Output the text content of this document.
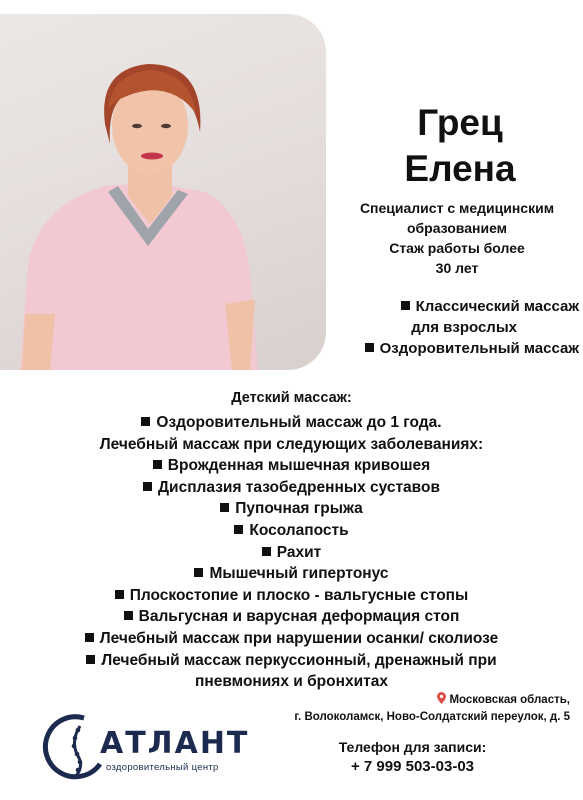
Грец
Елена
Специалист с медицинским
образованием
Стаж работы более
30 лет
Классический массаж
для взрослых
Оздоровительный массаж
Детский массаж:
Оздоровительный массаж до 1 года.
Лечебный массаж при следующих заболеваниях:
Врожденная мышечная кривошея
Дисплазия тазобедренных суставов
Пупочная грыжа
Косолапость
Рахит
Мышечный гипертонус
Плоскостопие и плоско - вальгусные стопы
Вальгусная и варусная деформация стоп
Лечебный массаж при нарушении осанки/ сколиозе
Лечебный массаж перкуссионный, дренажный при
пневмониях и бронхитах
АТЛАНТ
оздоровительный центр
Московская область,
г. Волоколамск, Ново-Солдатский переулок, д. 5
Телефон для записи:
+ 7 999 503-03-03
